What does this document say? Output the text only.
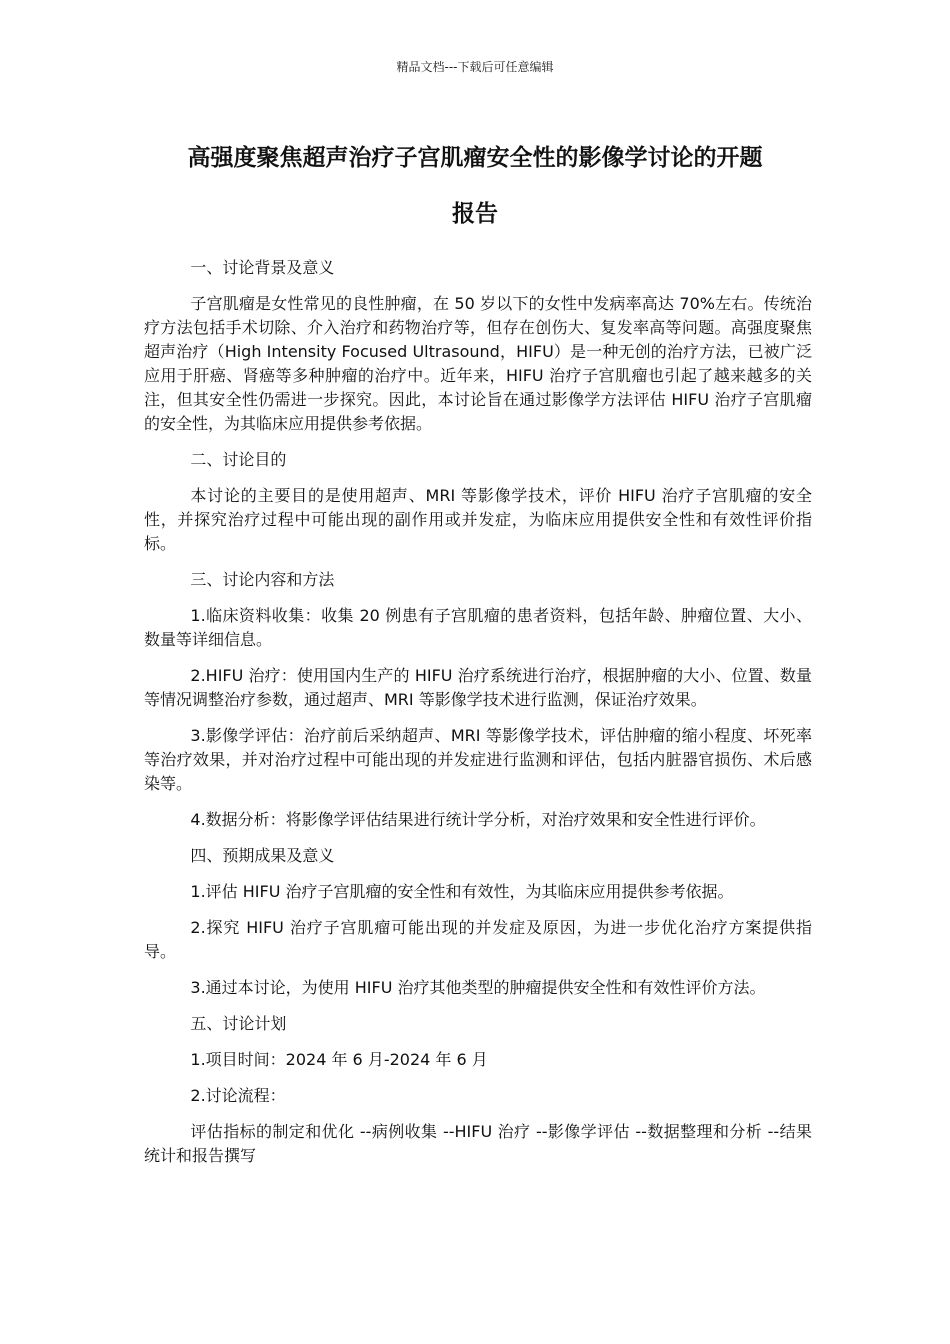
精品文档---下载后可任意编辑
高强度聚焦超声治疗子宫肌瘤安全性的影像学讨论的开题
报告

一、讨论背景及意义

子宫肌瘤是女性常见的良性肿瘤，在 50 岁以下的女性中发病率高达 70%左右。传统治疗方法包括手术切除、介入治疗和药物治疗等，但存在创伤大、复发率高等问题。高强度聚焦超声治疗（High Intensity Focused Ultrasound，HIFU）是一种无创的治疗方法，已被广泛应用于肝癌、肾癌等多种肿瘤的治疗中。近年来，HIFU 治疗子宫肌瘤也引起了越来越多的关注，但其安全性仍需进一步探究。因此，本讨论旨在通过影像学方法评估 HIFU 治疗子宫肌瘤的安全性，为其临床应用提供参考依据。

二、讨论目的

本讨论的主要目的是使用超声、MRI 等影像学技术，评价 HIFU 治疗子宫肌瘤的安全性，并探究治疗过程中可能出现的副作用或并发症，为临床应用提供安全性和有效性评价指标。

三、讨论内容和方法

1.临床资料收集：收集 20 例患有子宫肌瘤的患者资料，包括年龄、肿瘤位置、大小、数量等详细信息。

2.HIFU 治疗：使用国内生产的 HIFU 治疗系统进行治疗，根据肿瘤的大小、位置、数量等情况调整治疗参数，通过超声、MRI 等影像学技术进行监测，保证治疗效果。

3.影像学评估：治疗前后采纳超声、MRI 等影像学技术，评估肿瘤的缩小程度、坏死率等治疗效果，并对治疗过程中可能出现的并发症进行监测和评估，包括内脏器官损伤、术后感染等。

4.数据分析：将影像学评估结果进行统计学分析，对治疗效果和安全性进行评价。

四、预期成果及意义

1.评估 HIFU 治疗子宫肌瘤的安全性和有效性，为其临床应用提供参考依据。

2.探究 HIFU 治疗子宫肌瘤可能出现的并发症及原因，为进一步优化治疗方案提供指导。

3.通过本讨论，为使用 HIFU 治疗其他类型的肿瘤提供安全性和有效性评价方法。

五、讨论计划

1.项目时间：2024 年 6 月-2024 年 6 月

2.讨论流程：

评估指标的制定和优化 --病例收集 --HIFU 治疗 --影像学评估 --数据整理和分析 --结果统计和报告撰写
